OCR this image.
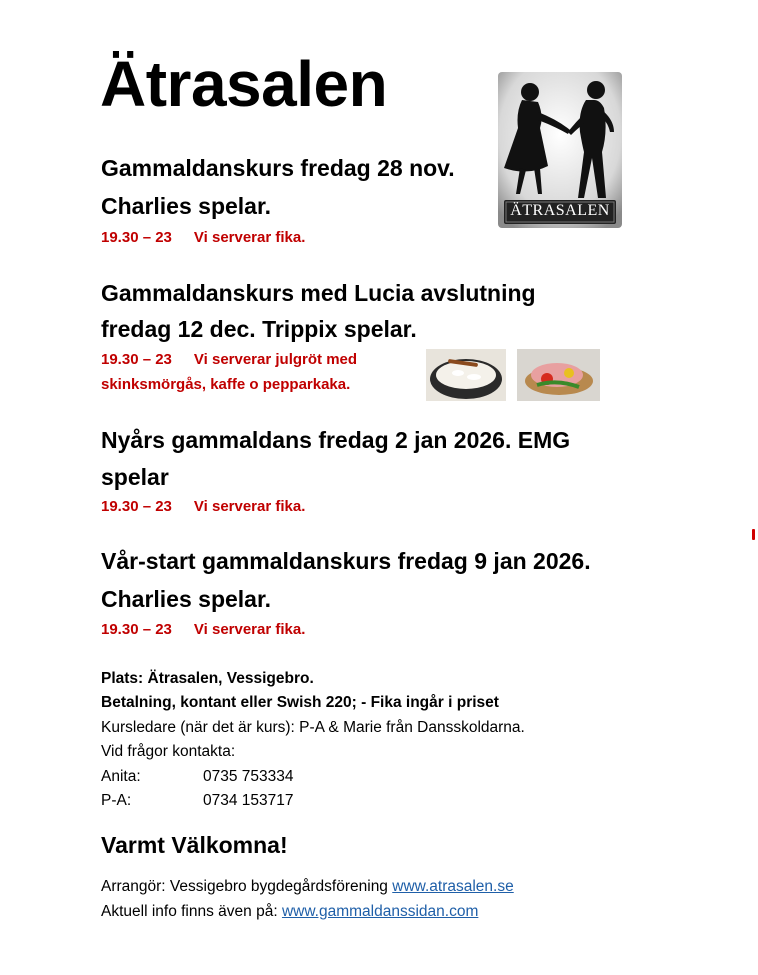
Ätrasalen
ÄTRASALEN
Gammaldanskurs fredag 28 nov.
Charlies spelar.
19.30 – 23 Vi serverar fika.
Gammaldanskurs med Lucia avslutning
fredag 12 dec. Trippix spelar.
19.30 – 23 Vi serverar julgröt med
skinksmörgås, kaffe o pepparkaka.
Nyårs gammaldans fredag 2 jan 2026. EMG
spelar
19.30 – 23 Vi serverar fika.
Vår-start gammaldanskurs fredag 9 jan 2026.
Charlies spelar.
19.30 – 23 Vi serverar fika.
Plats: Ätrasalen, Vessigebro.
Betalning, kontant eller Swish 220; - Fika ingår i priset
Kursledare (när det är kurs): P-A & Marie från Dansskoldarna.
Vid frågor kontakta:
Anita:	0735 753334
P-A:	0734 153717
Varmt Välkomna!
Arrangör: Vessigebro bygdegårdsförening www.atrasalen.se
Aktuell info finns även på: www.gammaldanssidan.com
